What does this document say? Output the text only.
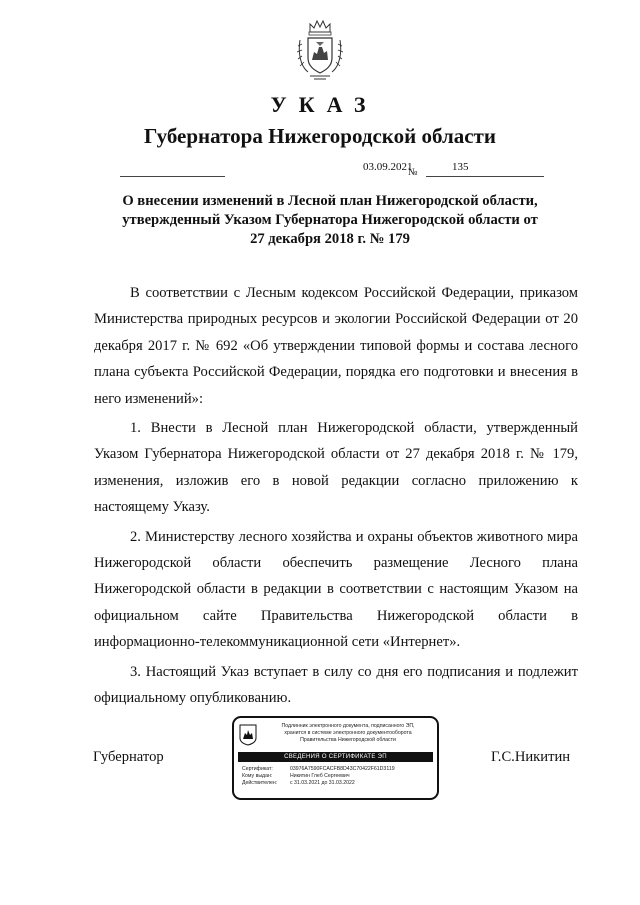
УКАЗ
Губернатора Нижегородской области
03.09.2021
№	135
О внесении изменений в Лесной план Нижегородской области, утвержденный Указом Губернатора Нижегородской области от 27 декабря 2018 г. № 179

В соответствии с Лесным кодексом Российской Федерации, приказом Министерства природных ресурсов и экологии Российской Федерации от 20 декабря 2017 г. № 692 «Об утверждении типовой формы и состава лесного плана субъекта Российской Федерации, порядка его подготовки и внесения в него изменений»:

1. Внести в Лесной план Нижегородской области, утвержденный Указом Губернатора Нижегородской области от 27 декабря 2018 г. № 179, изменения, изложив его в новой редакции согласно приложению к настоящему Указу.

2. Министерству лесного хозяйства и охраны объектов животного мира Нижегородской области обеспечить размещение Лесного плана Нижегородской области в редакции в соответствии с настоящим Указом на официальном сайте Правительства Нижегородской области в информационно-телекоммуникационной сети «Интернет».

3. Настоящий Указ вступает в силу со дня его подписания и подлежит официальному опубликованию.

Губернатор
Подлинник электронного документа, подписанного ЭП,
хранится в системе электронного документооборота
Правительства Нижегородской области
СВЕДЕНИЯ О СЕРТИФИКАТЕ ЭП
Сертификат:	03976A7590FCACFB8D43C70422F61D3119
Кому выдан:	Никитин Глеб Сергеевич
Действителен: с 31.03.2021 до 31.03.2022
Г.С.Никитин
